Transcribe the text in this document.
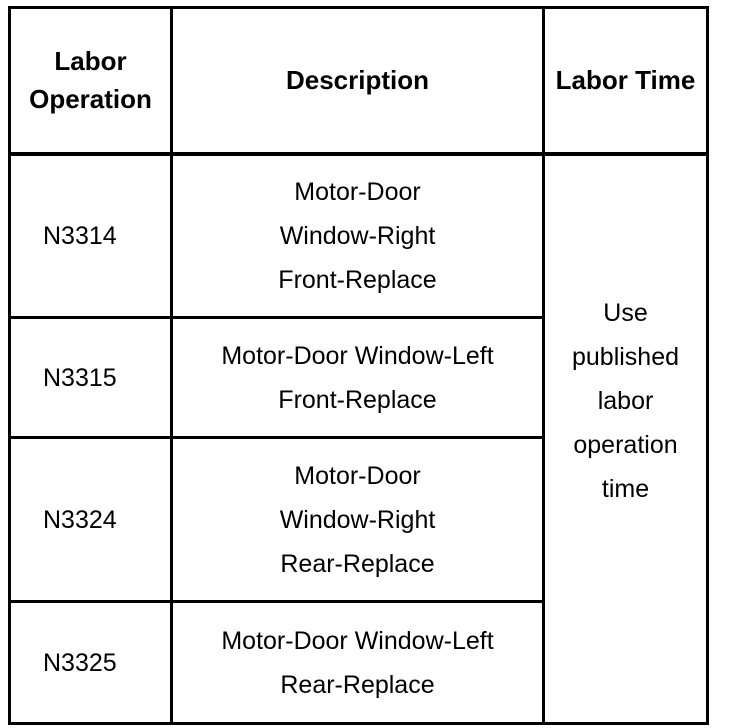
Labor Operation	Description	Labor Time
N3314	Motor-Door Window-Right Front-Replace	Use published labor operation time
N3315	Motor-Door Window-Left Front-Replace	
N3324	Motor-Door Window-Right Rear-Replace	
N3325	Motor-Door Window-Left Rear-Replace	
